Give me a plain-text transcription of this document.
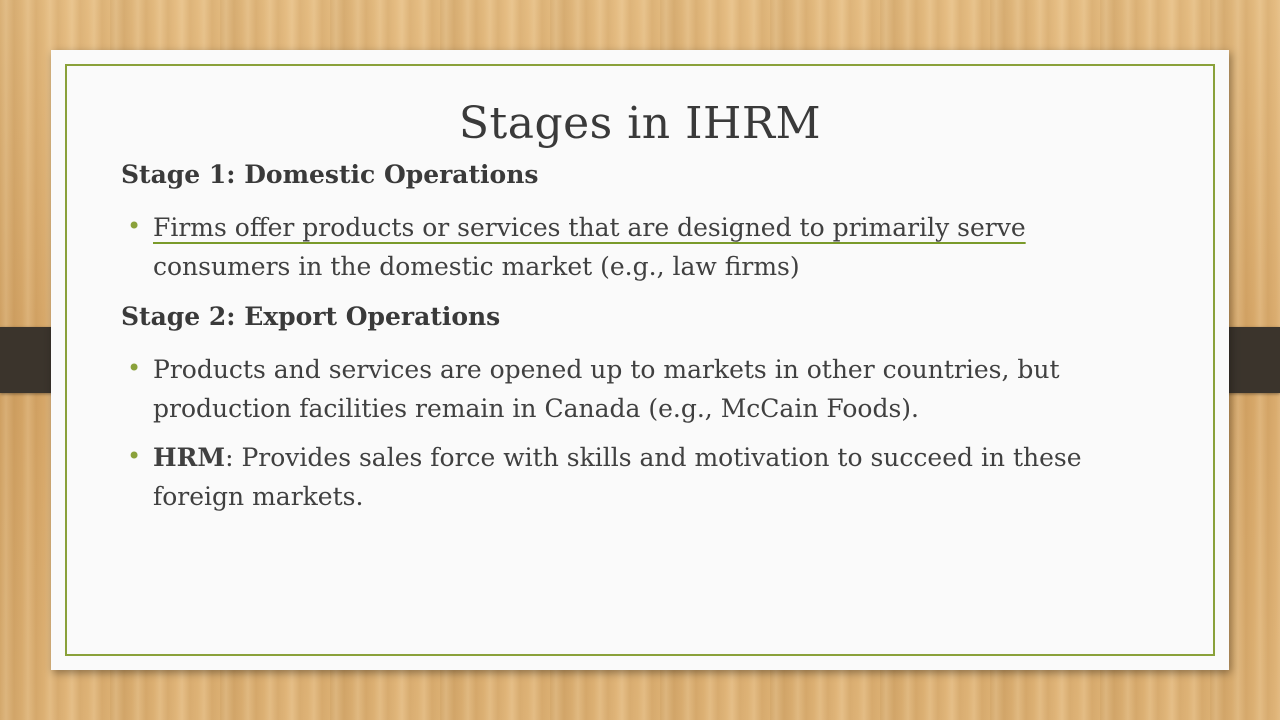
Stages in IHRM

Stage 1: Domestic Operations

• Firms offer products or services that are designed to primarily serve
consumers in the domestic market (e.g., law firms)

Stage 2: Export Operations

• Products and services are opened up to markets in other countries, but production facilities remain in Canada (e.g., McCain Foods).

• HRM: Provides sales force with skills and motivation to succeed in these foreign markets.
